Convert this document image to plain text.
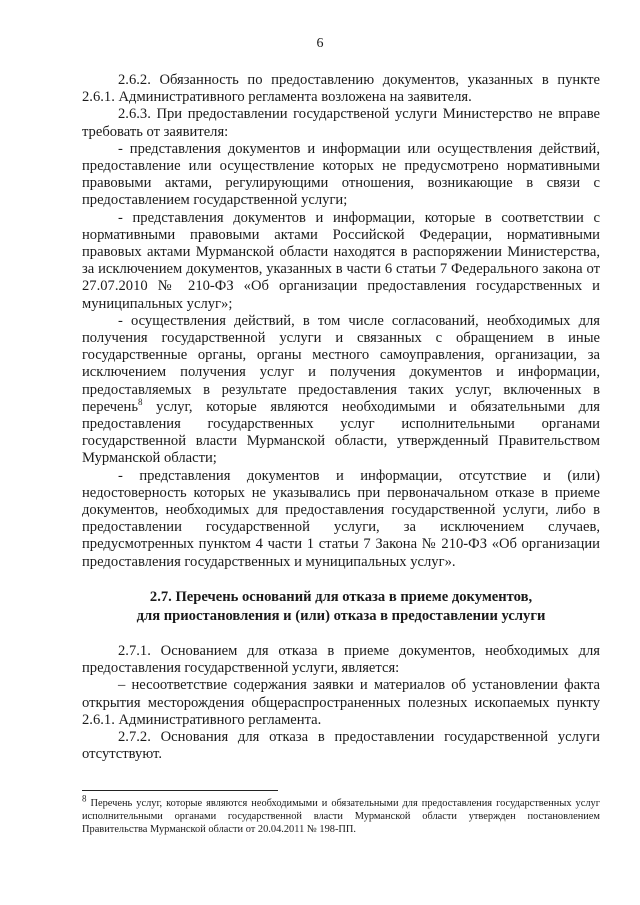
6

2.6.2. Обязанность по предоставлению документов, указанных в пункте 2.6.1. Административного регламента возложена на заявителя.

2.6.3. При предоставлении государственой услуги Министерство не вправе требовать от заявителя:

- представления документов и информации или осуществления действий, предоставление или осуществление которых не предусмотрено нормативными правовыми актами, регулирующими отношения, возникающие в связи с предоставлением государственной услуги;

- представления документов и информации, которые в соответствии с нормативными правовыми актами Российской Федерации, нормативными правовых актами Мурманской области находятся в распоряжении Министерства, за исключением документов, указанных в части 6 статьи 7 Федерального закона от 27.07.2010 № 210-ФЗ «Об организации предоставления государственных и муниципальных услуг»;

- осуществления действий, в том числе согласований, необходимых для получения государственной услуги и связанных с обращением в иные государственные органы, органы местного самоуправления, организации, за исключением получения услуг и получения документов и информации, предоставляемых в результате предоставления таких услуг, включенных в перечень$^8$ услуг, которые являются необходимыми и обязательными для предоставления государственных услуг исполнительными органами государственной власти Мурманской области, утвержденный Правительством Мурманской области;

- представления документов и информации, отсутствие и (или) недостоверность которых не указывались при первоначальном отказе в приеме документов, необходимых для предоставления государственной услуги, либо в предоставлении государственной услуги, за исключением случаев, предусмотренных пунктом 4 части 1 статьи 7 Закона № 210-ФЗ «Об организации предоставления государственных и муниципальных услуг».

2.7. Перечень оснований для отказа в приеме документов,

для приостановления и (или) отказа в предоставлении услуги

2.7.1. Основанием для отказа в приеме документов, необходимых для предоставления государственной услуги, является:

– несоответствие содержания заявки и материалов об установлении факта открытия месторождения общераспространенных полезных ископаемых пункту 2.6.1. Административного регламента.

2.7.2. Основания для отказа в предоставлении государственной услуги отсутствуют.

$^8$ Перечень услуг, которые являются необходимыми и обязательными для предоставления государственных услуг исполнительными органами государственной власти Мурманской области утвержден постановлением Правительства Мурманской области от 20.04.2011 № 198-ПП.
